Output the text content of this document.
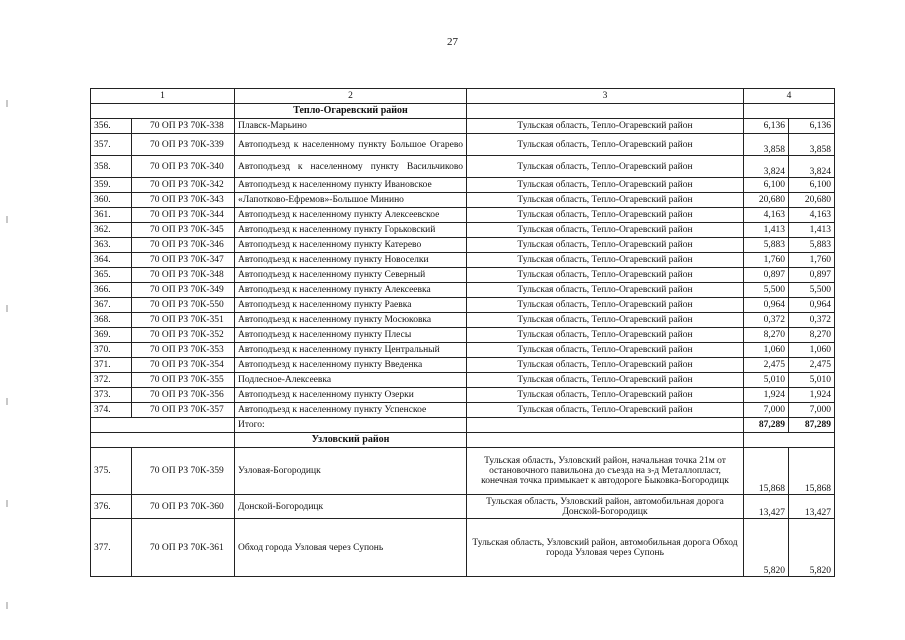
27
1		2	3	4	
		Тепло-Огаревский район			
356.	70 ОП РЗ 70К-338	Плавск-Марьино	Тульская область, Тепло-Огаревский район	6,136	6,136
357.	70 ОП РЗ 70К-339	Автоподъезд к населенному пункту Большое Огарево	Тульская область, Тепло-Огаревский район	3,858	3,858
358.	70 ОП РЗ 70К-340	Автоподъезд к населенному пункту Васильчиково	Тульская область, Тепло-Огаревский район	3,824	3,824
359.	70 ОП РЗ 70К-342	Автоподъезд к населенному пункту Ивановское	Тульская область, Тепло-Огаревский район	6,100	6,100
360.	70 ОП РЗ 70К-343	«Лапотково-Ефремов»-Большое Минино	Тульская область, Тепло-Огаревский район	20,680	20,680
361.	70 ОП РЗ 70К-344	Автоподъезд к населенному пункту Алексеевское	Тульская область, Тепло-Огаревский район	4,163	4,163
362.	70 ОП РЗ 70К-345	Автоподъезд к населенному пункту Горьковский	Тульская область, Тепло-Огаревский район	1,413	1,413
363.	70 ОП РЗ 70К-346	Автоподъезд к населенному пункту Катерево	Тульская область, Тепло-Огаревский район	5,883	5,883
364.	70 ОП РЗ 70К-347	Автоподъезд к населенному пункту Новоселки	Тульская область, Тепло-Огаревский район	1,760	1,760
365.	70 ОП РЗ 70К-348	Автоподъезд к населенному пункту Северный	Тульская область, Тепло-Огаревский район	0,897	0,897
366.	70 ОП РЗ 70К-349	Автоподъезд к населенному пункту Алексеевка	Тульская область, Тепло-Огаревский район	5,500	5,500
367.	70 ОП РЗ 70К-550	Автоподъезд к населенному пункту Раевка	Тульская область, Тепло-Огаревский район	0,964	0,964
368.	70 ОП РЗ 70К-351	Автоподъезд к населенному пункту Мосюковка	Тульская область, Тепло-Огаревский район	0,372	0,372
369.	70 ОП РЗ 70К-352	Автоподъезд к населенному пункту Плесы	Тульская область, Тепло-Огаревский район	8,270	8,270
370.	70 ОП РЗ 70К-353	Автоподъезд к населенному пункту Центральный	Тульская область, Тепло-Огаревский район	1,060	1,060
371.	70 ОП РЗ 70К-354	Автоподъезд к населенному пункту Введенка	Тульская область, Тепло-Огаревский район	2,475	2,475
372.	70 ОП РЗ 70К-355	Подлесное-Алексеевка	Тульская область, Тепло-Огаревский район	5,010	5,010
373.	70 ОП РЗ 70К-356	Автоподъезд к населенному пункту Озерки	Тульская область, Тепло-Огаревский район	1,924	1,924
374.	70 ОП РЗ 70К-357	Автоподъезд к населенному пункту Успенское	Тульская область, Тепло-Огаревский район	7,000	7,000
		Итого:		87,289	87,289
		Узловский район			
375.	70 ОП РЗ 70К-359	Узловая-Богородицк	Тульская область, Узловский район, начальная точка 21м от остановочного павильона до съезда на з-д Металлопласт, конечная точка примыкает к автодороге Быковка-Богородицк	15,868	15,868
376.	70 ОП РЗ 70К-360	Донской-Богородицк	Тульская область, Узловский район, автомобильная дорога Донской-Богородицк	13,427	13,427
377.	70 ОП РЗ 70К-361	Обход города Узловая через Супонь	Тульская область, Узловский район, автомобильная дорога Обход города Узловая через Супонь	5,820	5,820
